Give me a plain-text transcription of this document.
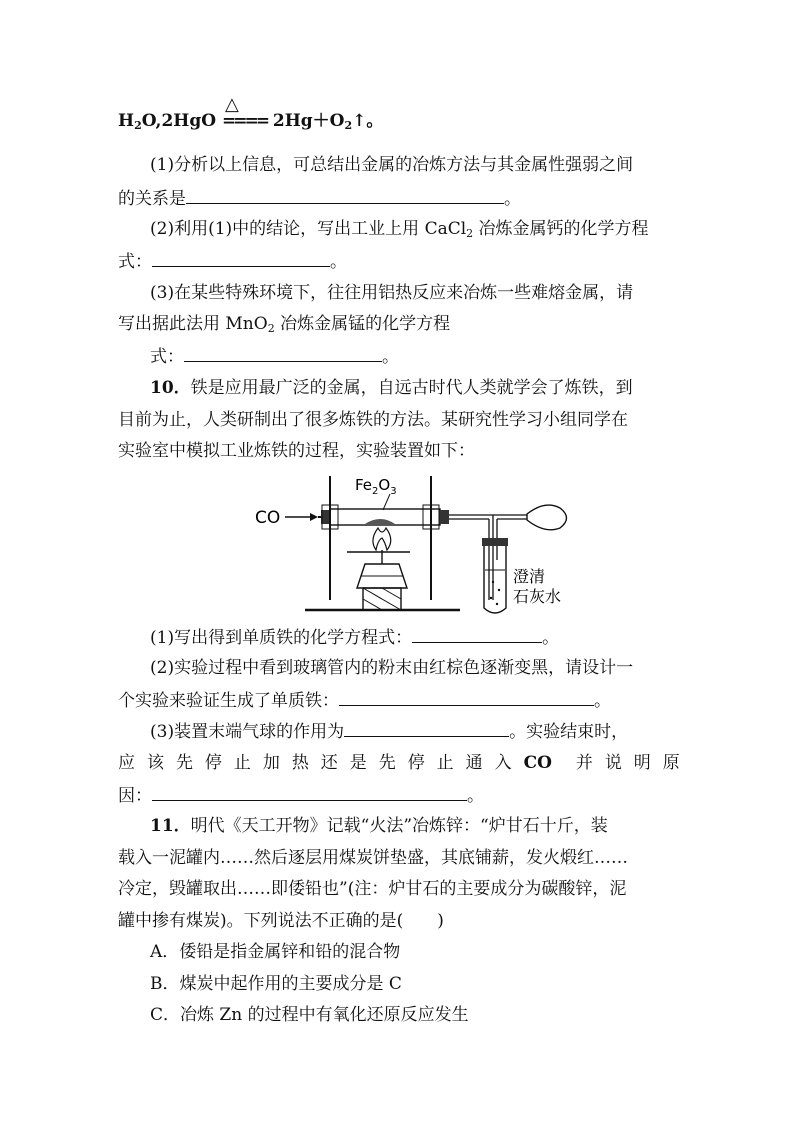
△
$H_2O,2HgO$ ==== $2Hg+O_2↑$。
(1)分析以上信息，可总结出金属的冶炼方法与其金属性强弱之间
的关系是	。
(2)利用(1)中的结论，写出工业上用 CaCl$_2$ 冶炼金属钙的化学方程
式：	。
(3)在某些特殊环境下，往往用铝热反应来冶炼一些难熔金属，请
写出据此法用 MnO$_2$ 冶炼金属锰的化学方程
式：	。
10．铁是应用最广泛的金属，自远古时代人类就学会了炼铁，到
目前为止，人类研制出了很多炼铁的方法。某研究性学习小组同学在
实验室中模拟工业炼铁的过程，实验装置如下：
CO
$Fe_2O_3$
澄清
石灰水
(1)写出得到单质铁的化学方程式：	。
(2)实验过程中看到玻璃管内的粉末由红棕色逐渐变黑，请设计一
个实验来验证生成了单质铁：	。
(3)装置末端气球的作用为	。实验结束时，
应 该 先 停 止 加 热 还 是 先 停 止 通 入 CO 并 说 明 原
因：	。
11．明代《天工开物》记载“火法”冶炼锌：“炉甘石十斤，装
载入一泥罐内……然后逐层用煤炭饼垫盛，其底铺薪，发火煅红……
冷定，毁罐取出……即倭铅也”(注：炉甘石的主要成分为碳酸锌，泥
罐中掺有煤炭)。下列说法不正确的是(　　)
A．倭铅是指金属锌和铅的混合物
B．煤炭中起作用的主要成分是 C
C．冶炼 Zn 的过程中有氧化还原反应发生
